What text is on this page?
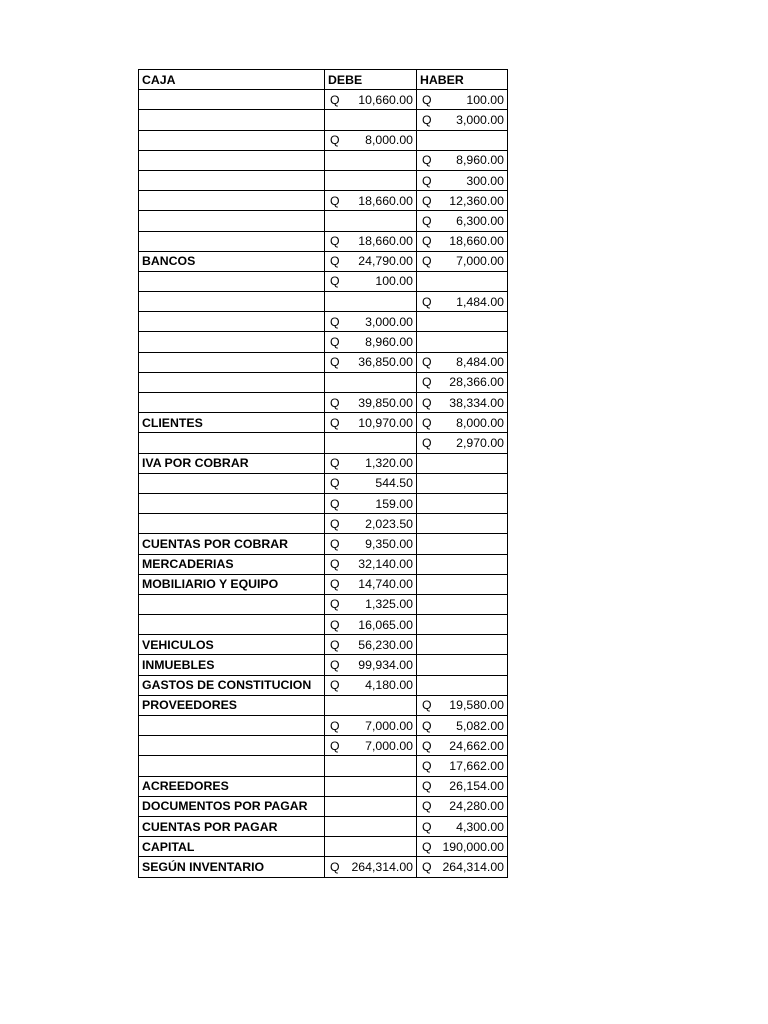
CAJA	DEBE	HABER

	Q 10,660.00	Q 100.00

		Q 3,000.00

	Q 8,000.00	

		Q 8,960.00

		Q 300.00

	Q 18,660.00	Q 12,360.00

		Q 6,300.00

	Q 18,660.00	Q 18,660.00

BANCOS	Q 24,790.00	Q 7,000.00

	Q 100.00	

		Q 1,484.00

	Q 3,000.00	

	Q 8,960.00	

	Q 36,850.00	Q 8,484.00

		Q 28,366.00

	Q 39,850.00	Q 38,334.00

CLIENTES	Q 10,970.00	Q 8,000.00

		Q 2,970.00

IVA POR COBRAR	Q 1,320.00	

	Q 544.50	

	Q 159.00	

	Q 2,023.50	

CUENTAS POR COBRAR	Q 9,350.00	

MERCADERIAS	Q 32,140.00	

MOBILIARIO Y EQUIPO	Q 14,740.00	

	Q 1,325.00	

	Q 16,065.00	

VEHICULOS	Q 56,230.00	

INMUEBLES	Q 99,934.00	

GASTOS DE CONSTITUCION	Q 4,180.00	

PROVEEDORES		Q 19,580.00

	Q 7,000.00	Q 5,082.00

	Q 7,000.00	Q 24,662.00

		Q 17,662.00

ACREEDORES		Q 26,154.00

DOCUMENTOS POR PAGAR		Q 24,280.00

CUENTAS POR PAGAR		Q 4,300.00

CAPITAL		Q 190,000.00

SEGÚN INVENTARIO	Q 264,314.00	Q 264,314.00
